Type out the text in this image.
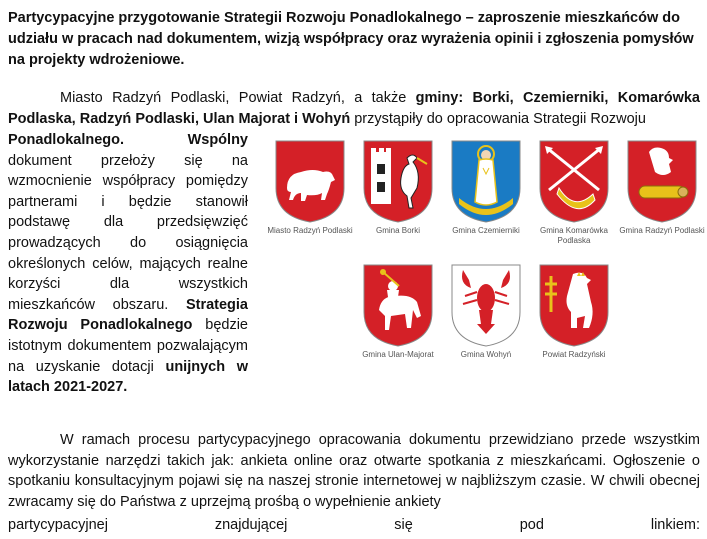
Partycypacyjne przygotowanie Strategii Rozwoju Ponadlokalnego – zaproszenie mieszkańców do udziału w pracach nad dokumentem, wizją współpracy oraz wyrażenia opinii i zgłoszenia pomysłów na projekty wdrożeniowe.

Miasto Radzyń Podlaski, Powiat Radzyń, a także gminy: Borki, Czemierniki, Komarówka Podlaska, Radzyń Podlaski, Ulan Majorat i Wohyń przystąpiły do opracowania Strategii Rozwoju

Ponadlokalnego. Wspólny dokument przełoży się na wzmocnienie współpracy pomiędzy partnerami i będzie stanowił podstawę dla przedsięwzięć prowadzących do osiągnięcia określonych celów, mających realne korzyści dla wszystkich mieszkańców obszaru. Strategia Rozwoju Ponadlokalnego będzie istotnym dokumentem pozwalającym na uzyskanie dotacji unijnych w latach 2021-2027.

Miasto Radzyń Podlaski	Gmina Borki	Gmina Czemierniki	Gmina Komarówka Podlaska
Gmina Radzyń Podlaski
Gmina Ulan-Majorat	Gmina Wohyń	Powiat Radzyński

W ramach procesu partycypacyjnego opracowania dokumentu przewidziano przede wszystkim wykorzystanie narzędzi takich jak: ankieta online oraz otwarte spotkania z mieszkańcami. Ogłoszenie o spotkaniu konsultacyjnym pojawi się na naszej stronie internetowej w najbliższym czasie. W chwili obecnej zwracamy się do Państwa z uprzejmą prośbą o wypełnienie ankiety

partycypacyjnej znajdującej się pod linkiem:
